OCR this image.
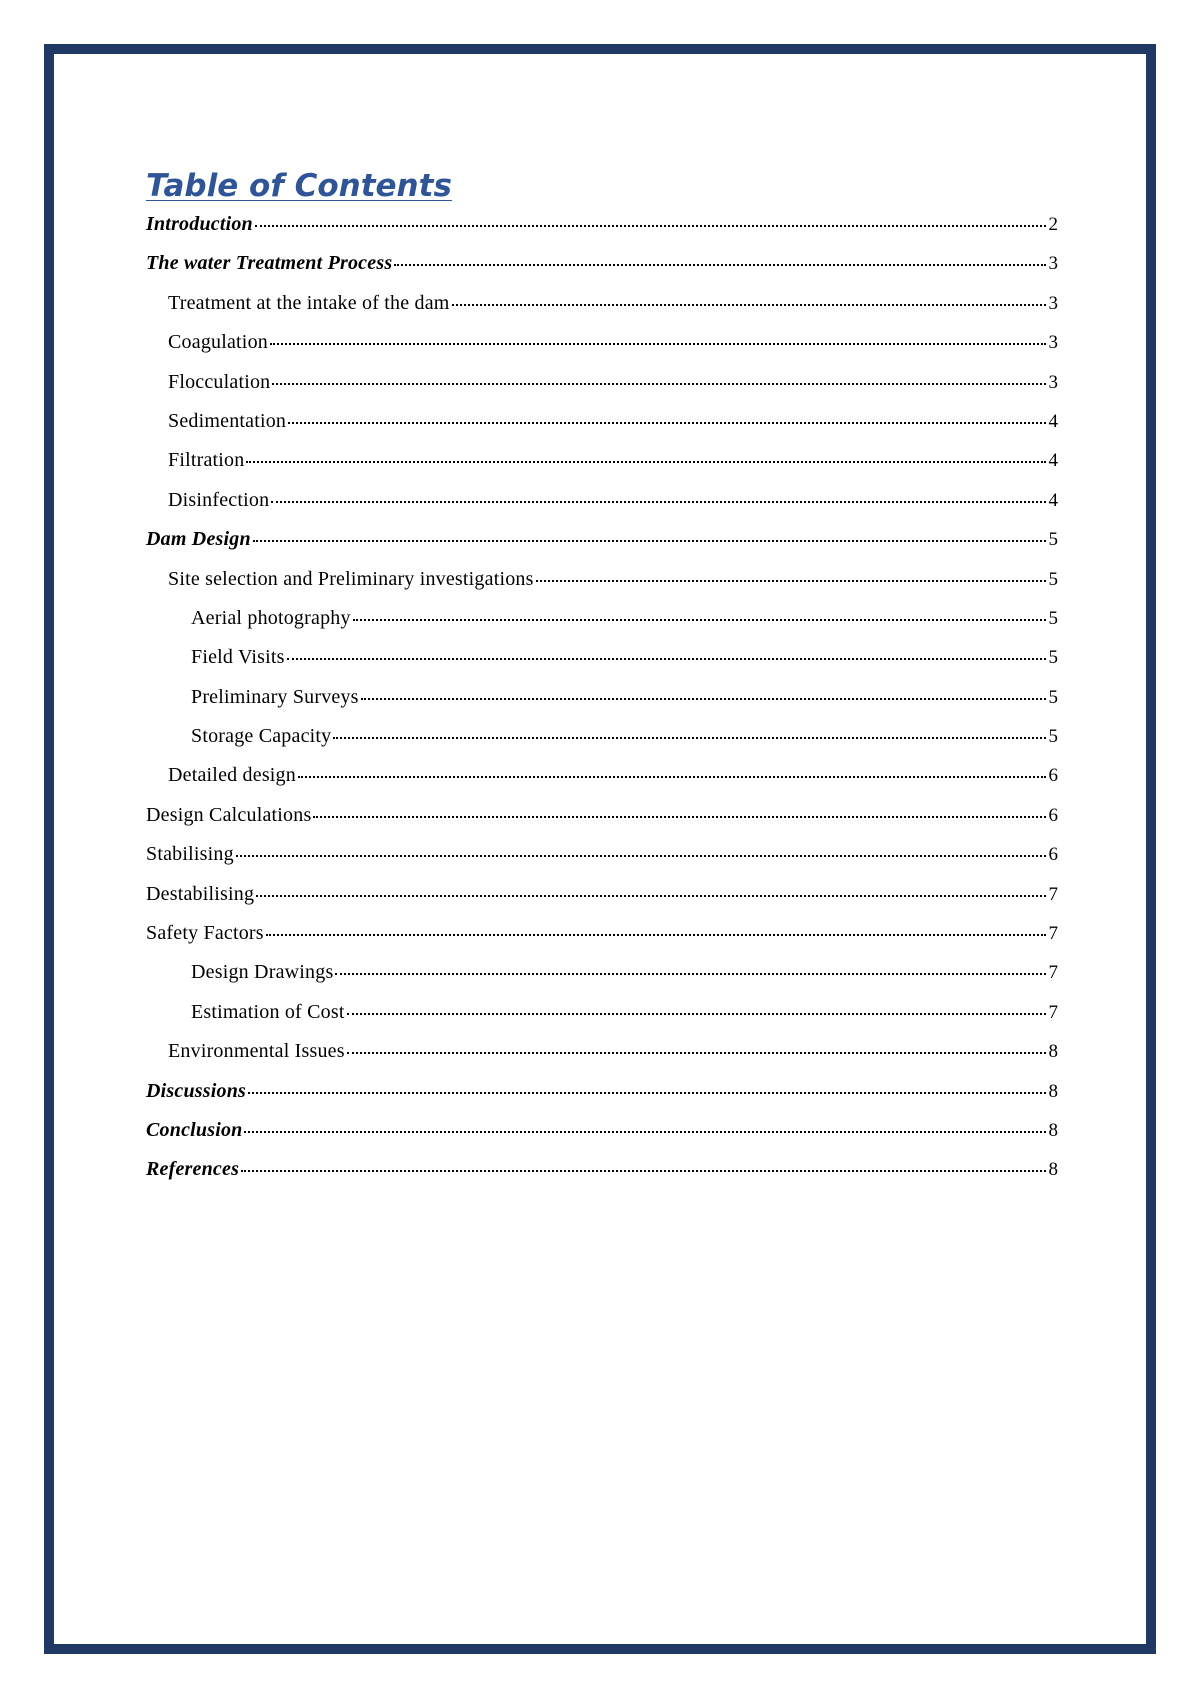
Table of Contents
Introduction	2
The water Treatment Process	3
Treatment at the intake of the dam	3
Coagulation	3
Flocculation	3
Sedimentation	4
Filtration	4
Disinfection	4
Dam Design	5
Site selection and Preliminary investigations	5
Aerial photography	5
Field Visits	5
Preliminary Surveys	5
Storage Capacity	5
Detailed design	6
Design Calculations	6
Stabilising	6
Destabilising	7
Safety Factors	7
Design Drawings	7
Estimation of Cost	7
Environmental Issues	8
Discussions	8
Conclusion	8
References	8
